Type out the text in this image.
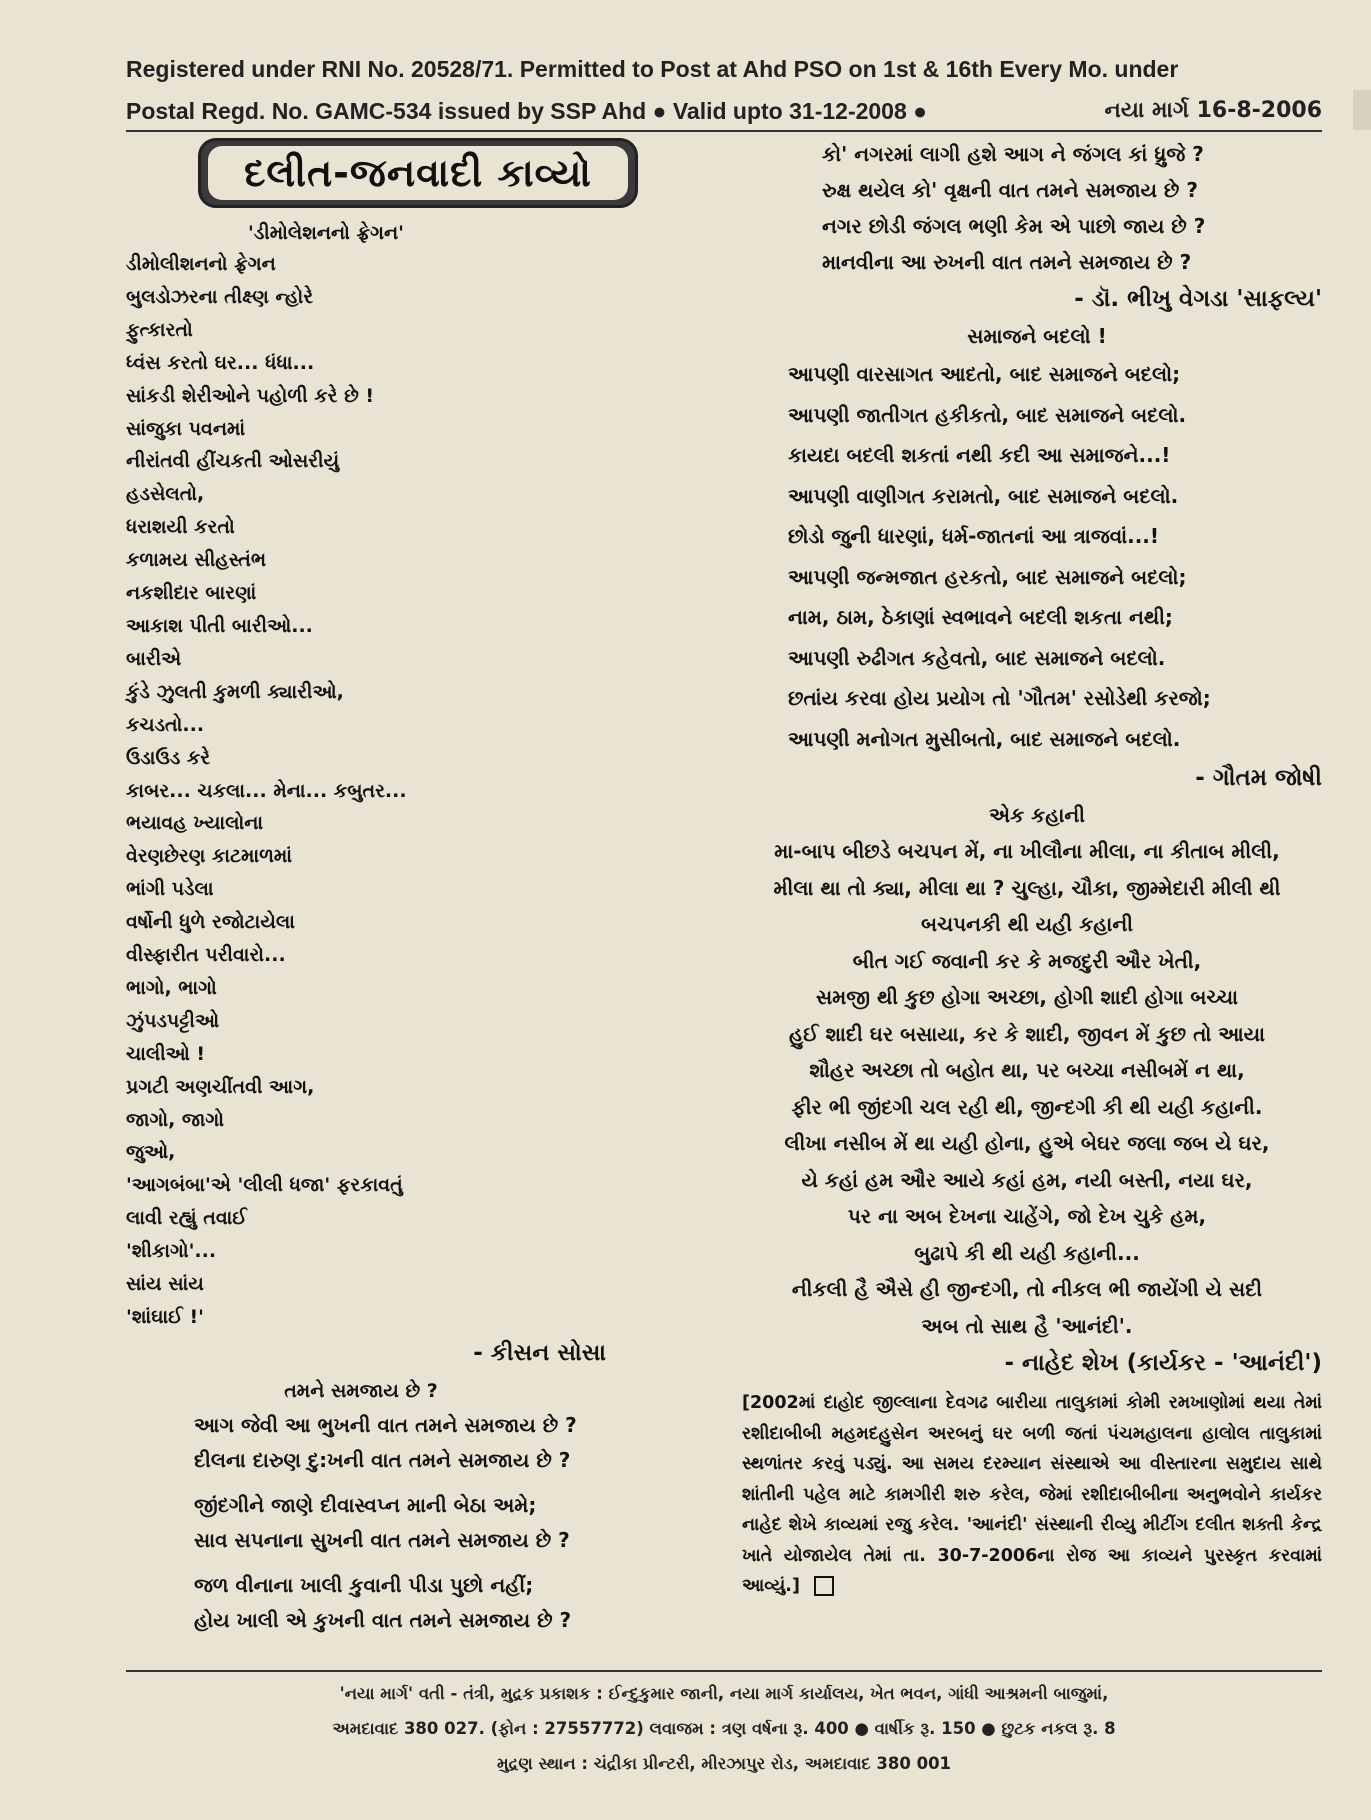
Registered under RNI No. 20528/71. Permitted to Post at Ahd PSO on 1st & 16th Every Mo. under
Postal Regd. No. GAMC-534 issued by SSP Ahd ● Valid upto 31-12-2008 ●	નયા માર્ગ 16-8-2006
દલીત-જનવાદી કાવ્યો
'ડીમોલેશનનો ફ્રેગન'
ડીમોલીશનનો ફ્રેગન
બુલડોઝરના તીક્ષ્ણ ન્હોરે
ફુત્કારતો
ધ્વંસ કરતો ઘર... ધંધા...
સાંકડી શેરીઓને પહોળી કરે છે !
સાંજુકા પવનમાં
નીરાંતવી હીંચકતી ઓસરીયું
હડસેલતો,
ધરાશયી કરતો
કળામય સીહસ્તંભ
નકશીદાર બારણાં
આકાશ પીતી બારીઓ...
બારીએ
કુંડે ઝુલતી કુમળી ક્યારીઓ,
કચડતો...
ઉડાઉડ કરે
કાબર... ચકલા... મેના... કબુતર...
ભયાવહ ખ્યાલોના
વેરણછેરણ કાટમાળમાં
ભાંગી પડેલા
વર્ષોની ધુળે રજોટાયેલા
વીસ્ફારીત પરીવારો...
ભાગો, ભાગો
ઝુંપડપટ્ટીઓ
ચાલીઓ !
પ્રગટી અણચીંતવી આગ,
જાગો, જાગો
જુઓ,
'આગબંબા'એ 'લીલી ધજા' ફરકાવતું
લાવી રહ્યું તવાઈ
'શીકાગો'...
સાંય સાંય
'શાંઘાઈ !'
- કીસન સોસા
તમને સમજાય છે ?
આગ જેવી આ ભુખની વાત તમને સમજાય છે ?
દીલના દારુણ દુ:ખની વાત તમને સમજાય છે ?
જીંદગીને જાણે દીવાસ્વપ્ન માની બેઠા અમે;
સાવ સપનાના સુખની વાત તમને સમજાય છે ?
જળ વીનાના ખાલી કુવાની પીડા પુછો નહીં;
હોય ખાલી એ કુખની વાત તમને સમજાય છે ?
કો' નગરમાં લાગી હશે આગ ને જંગલ કાં ધ્રુજે ?
રુક્ષ થયેલ કો' વૃક્ષની વાત તમને સમજાય છે ?
નગર છોડી જંગલ ભણી કેમ એ પાછો જાય છે ?
માનવીના આ રુખની વાત તમને સમજાય છે ?
- ડૉ. ભીખુ વેગડા 'સાફલ્ય'
સમાજને બદલો !
આપણી વારસાગત આદતો, બાદ સમાજને બદલો;
આપણી જાતીગત હકીકતો, બાદ સમાજને બદલો.
કાયદા બદલી શકતાં નથી કદી આ સમાજને...!
આપણી વાણીગત કરામતો, બાદ સમાજને બદલો.
છોડો જુની ધારણાં, ધર્મ-જાતનાં આ ત્રાજવાં...!
આપણી જન્મજાત હરકતો, બાદ સમાજને બદલો;
નામ, ઠામ, ઠેકાણાં સ્વભાવને બદલી શકતા નથી;
આપણી રુઢીગત કહેવતો, બાદ સમાજને બદલો.
છતાંય કરવા હોય પ્રયોગ તો 'ગૌતમ' રસોડેથી કરજો;
આપણી મનોગત મુસીબતો, બાદ સમાજને બદલો.
- ગૌતમ જોષી
એક કહાની
મા-બાપ બીછડે બચપન મેં, ના ખીલૌના મીલા, ના કીતાબ મીલી,
મીલા થા તો ક્યા, મીલા થા ? ચુલ્હા, ચૌકા, જીમ્મેદારી મીલી થી
બચપનકી થી યહી કહાની
બીત ગઈ જવાની કર કે મજદુરી ઔર ખેતી,
સમજી થી કુછ હોગા અચ્છા, હોગી શાદી હોગા બચ્ચા
હુઈ શાદી ઘર બસાયા, કર કે શાદી, જીવન મેં કુછ તો આયા
શૌહર અચ્છા તો બહોત થા, પર બચ્ચા નસીબમેં ન થા,
ફીર ભી જીંદગી ચલ રહી થી, જીન્દગી કી થી યહી કહાની.
લીખા નસીબ મેં થા યહી હોના, હુએ બેઘર જલા જબ યે ઘર,
યે કહાં હમ ઔર આયે કહાં હમ, નયી બસ્તી, નયા ઘર,
પર ના અબ દેખના ચાહેંગે, જો દેખ ચુકે હમ,
બુઢાપે કી થી યહી કહાની...
નીકલી હૈ ઐસે હી જીન્દગી, તો નીકલ ભી જાયેંગી યે સદી
અબ તો સાથ હૈ 'આનંદી'.
- નાહેદ શેખ (કાર્યકર - 'આનંદી')
[2002માં દાહોદ જીલ્લાના દેવગઢ બારીયા તાલુકામાં કોમી રમખાણોમાં થયા તેમાં રશીદાબીબી મહમદહુસેન અરબનું ઘર બળી જતાં પંચમહાલના હાલોલ તાલુકામાં સ્થળાંતર કરવું પડ્યું. આ સમય દરમ્યાન સંસ્થાએ આ વીસ્તારના સમુદાય સાથે શાંતીની પહેલ માટે કામગીરી શરુ કરેલ, જેમાં રશીદાબીબીના અનુભવોને કાર્યકર નાહેદ શેખે કાવ્યમાં રજુ કરેલ. 'આનંદી' સંસ્થાની રીવ્યુ મીટીંગ દલીત શક્તી કેન્દ્ર ખાતે યોજાયેલ તેમાં તા. 30-7-2006ના રોજ આ કાવ્યને પુરસ્કૃત કરવામાં આવ્યું.]
'નયા માર્ગ' વતી - તંત્રી, મુદ્રક પ્રકાશક : ઈન્દુકુમાર જાની, નયા માર્ગ કાર્યાલય, ખેત ભવન, ગાંધી આશ્રમની બાજુમાં,
અમદાવાદ 380 027. (ફોન : 27557772) લવાજમ : ત્રણ વર્ષના રૂ. 400 ● વાર્ષીક રૂ. 150 ● છુટક નકલ રૂ. 8
મુદ્રણ સ્થાન : ચંદ્રીકા પ્રીન્ટરી, મીરઝાપુર રોડ, અમદાવાદ 380 001
